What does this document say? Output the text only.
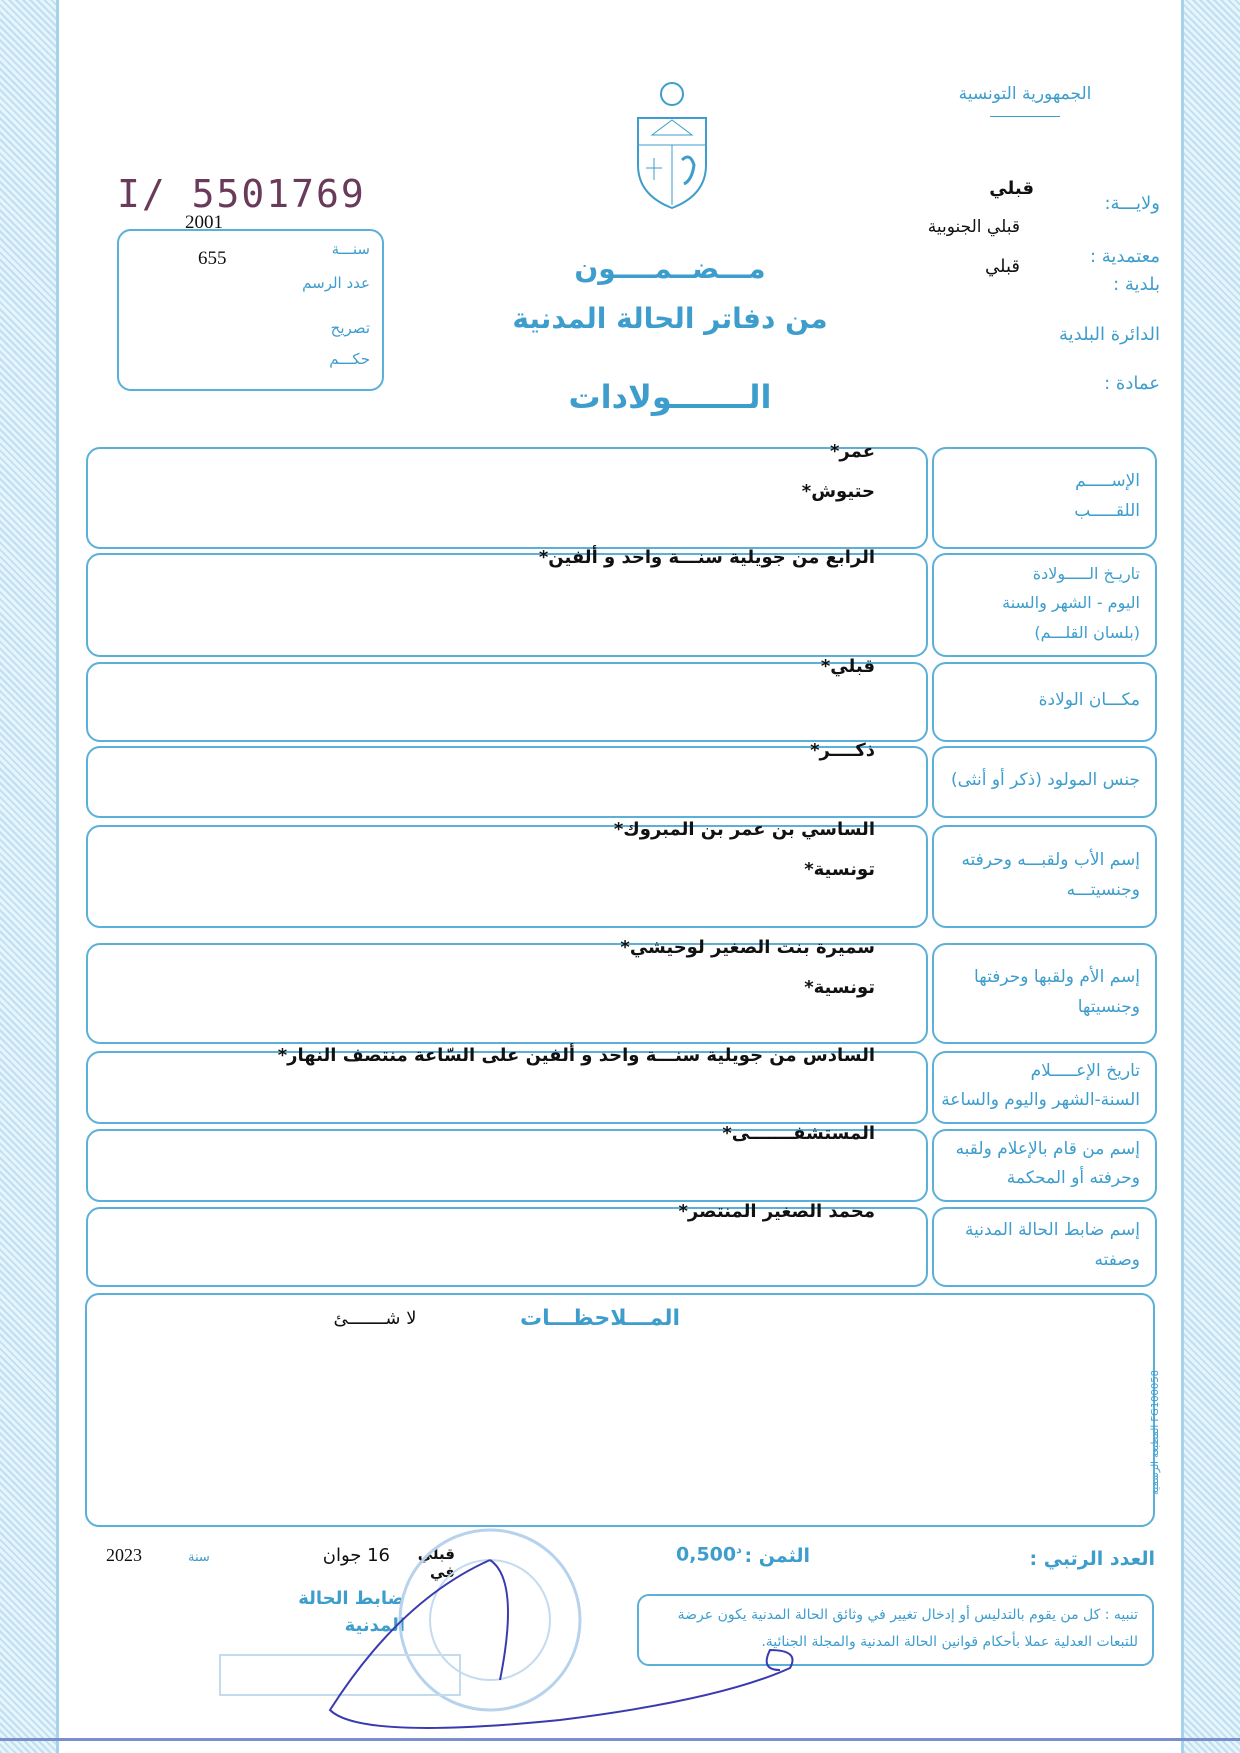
الجمهورية التونسية
I/ 5501769
2001
655	سنـــة
عدد الرسم
تصريح
حكـــم
مـــضــمــــون
من دفاتر الحالة المدنية
الـــــــولادات
ولايـــة:
قبلي
معتمدية :
قبلي الجنوبية
بلدية :
قبلي
الدائرة البلدية
عمادة :
الإســـــم
اللقـــــب
عمر*
حتيوش*
تاريـخ الـــــولادة
اليوم - الشهر والسنة
(بلسان القلـــم)
الرابع من جويلية سنـــة واحد و ألفين*
مكـــان الولادة
قبلي*
جنس المولود (ذكر أو أنثى)
ذكــــر*
إسم الأب ولقبـــه وحرفته
وجنسيتـــه
الساسي بن عمر بن المبروك*
تونسية*
إسم الأم ولقبها وحرفتها
وجنسيتها
سميرة بنت الصغير لوحيشي*
تونسية*
تاريخ الإعـــــلام
السنة-الشهر واليوم والساعة
السادس من جويلية سنـــة واحد و ألفين على السّاعة منتصف النهار*
إسم من قام بالإعلام ولقبه
وحرفته أو المحكمة
المستشفـــــــى*
إسم ضابط الحالة المدنية
وصفته
محمد الصغير المنتصر*
المـــلاحظـــات
لا شـــــــئ
المطبعة الرسمية FG100058
العدد الرتبي :
الثمن :
$0,500^د$
قبلي في
16 جوان
سنة
2023
ضابط الحالة المدنية	تنبيه : كل من يقوم بالتدليس أو إدخال تغيير في وثائق الحالة المدنية يكون عرضة للتبعات العدلية عملا بأحكام قوانين الحالة المدنية والمجلة الجنائية.
